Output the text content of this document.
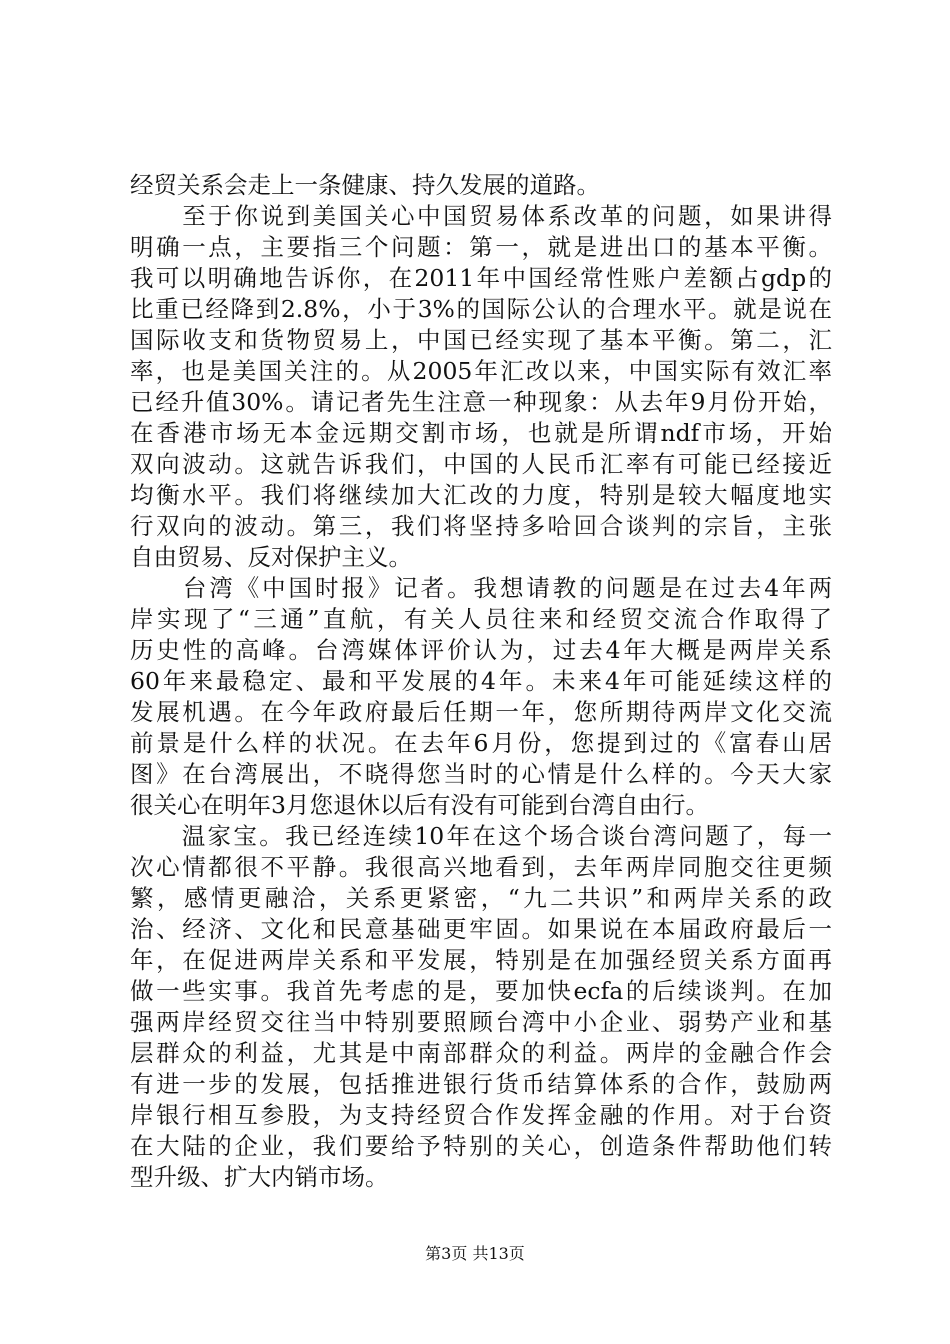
经贸关系会走上一条健康、持久发展的道路。
　　至于你说到美国关心中国贸易体系改革的问题，如果讲得
明确一点，主要指三个问题：第一，就是进出口的基本平衡。
我可以明确地告诉你，在2011年中国经常性账户差额占gdp的
比重已经降到2.8%，小于3%的国际公认的合理水平。就是说在
国际收支和货物贸易上，中国已经实现了基本平衡。第二，汇
率，也是美国关注的。从2005年汇改以来，中国实际有效汇率
已经升值30%。请记者先生注意一种现象：从去年9月份开始，
在香港市场无本金远期交割市场，也就是所谓ndf市场，开始
双向波动。这就告诉我们，中国的人民币汇率有可能已经接近
均衡水平。我们将继续加大汇改的力度，特别是较大幅度地实
行双向的波动。第三，我们将坚持多哈回合谈判的宗旨，主张
自由贸易、反对保护主义。
　　台湾《中国时报》记者。我想请教的问题是在过去4年两
岸实现了“三通”直航，有关人员往来和经贸交流合作取得了
历史性的高峰。台湾媒体评价认为，过去4年大概是两岸关系
60年来最稳定、最和平发展的4年。未来4年可能延续这样的
发展机遇。在今年政府最后任期一年，您所期待两岸文化交流
前景是什么样的状况。在去年6月份，您提到过的《富春山居
图》在台湾展出，不晓得您当时的心情是什么样的。今天大家
很关心在明年3月您退休以后有没有可能到台湾自由行。
　　温家宝。我已经连续10年在这个场合谈台湾问题了，每一
次心情都很不平静。我很高兴地看到，去年两岸同胞交往更频
繁，感情更融洽，关系更紧密，“九二共识”和两岸关系的政
治、经济、文化和民意基础更牢固。如果说在本届政府最后一
年，在促进两岸关系和平发展，特别是在加强经贸关系方面再
做一些实事。我首先考虑的是，要加快ecfa的后续谈判。在加
强两岸经贸交往当中特别要照顾台湾中小企业、弱势产业和基
层群众的利益，尤其是中南部群众的利益。两岸的金融合作会
有进一步的发展，包括推进银行货币结算体系的合作，鼓励两
岸银行相互参股，为支持经贸合作发挥金融的作用。对于台资
在大陆的企业，我们要给予特别的关心，创造条件帮助他们转
型升级、扩大内销市场。
第3页 共13页
